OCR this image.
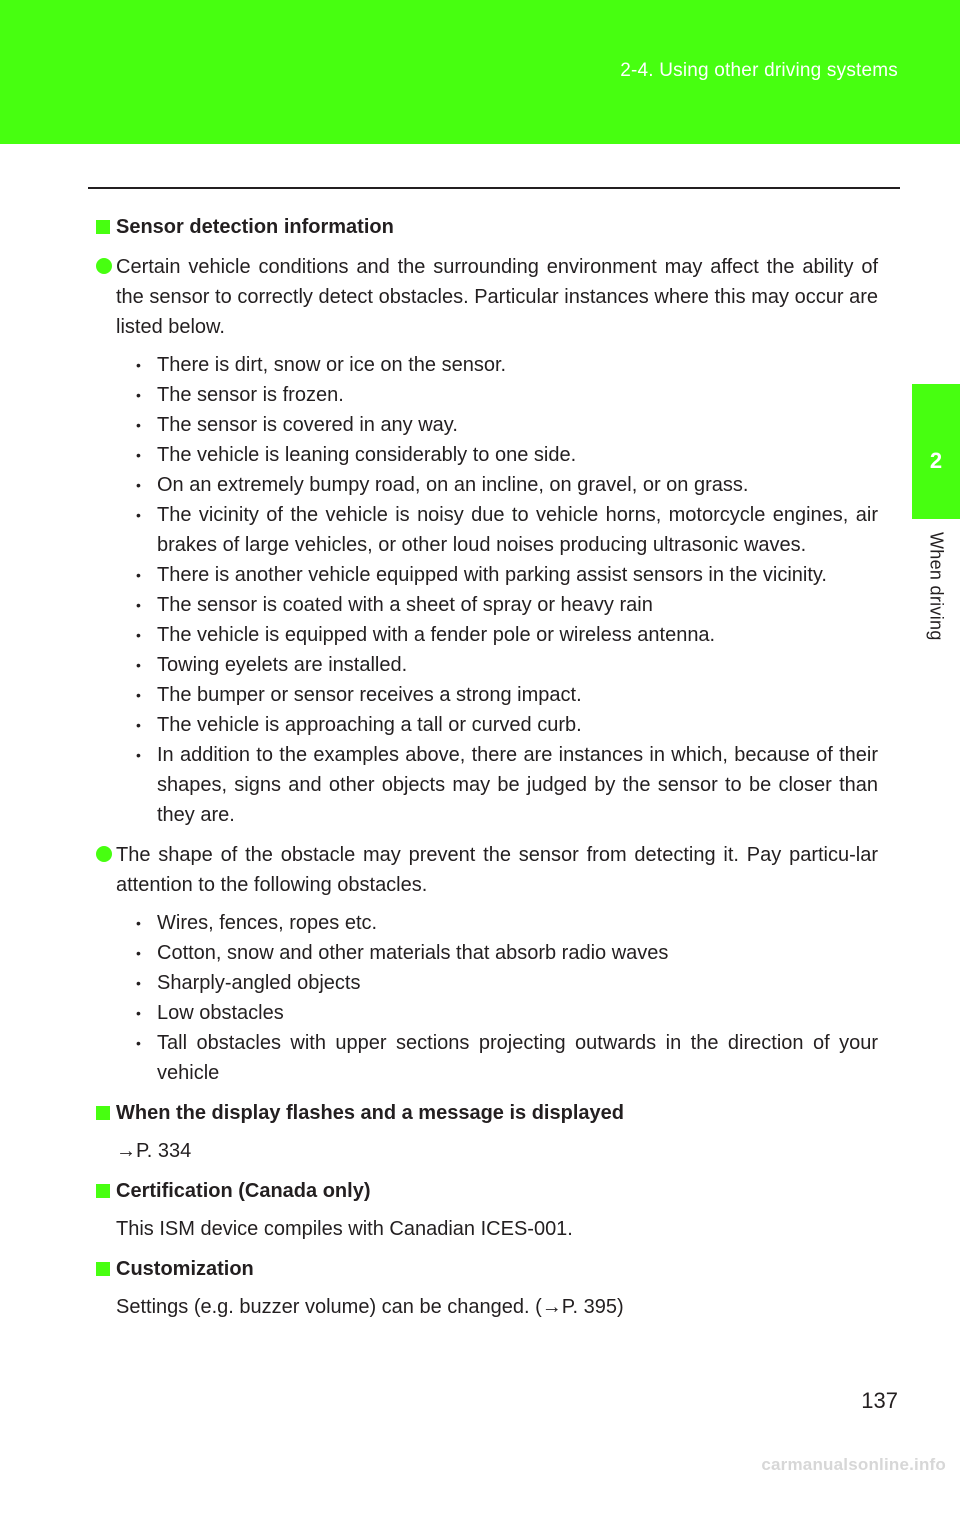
2-4. Using other driving systems
2
When driving

Sensor detection information

Certain vehicle conditions and the surrounding environment may affect the ability of the sensor to correctly detect obstacles. Particular instances where this may occur are listed below.

• There is dirt, snow or ice on the sensor.
• The sensor is frozen.
• The sensor is covered in any way.
• The vehicle is leaning considerably to one side.
• On an extremely bumpy road, on an incline, on gravel, or on grass.
• The vicinity of the vehicle is noisy due to vehicle horns, motorcycle engines, air brakes of large vehicles, or other loud noises producing ultrasonic waves.
• There is another vehicle equipped with parking assist sensors in the vicinity.
• The sensor is coated with a sheet of spray or heavy rain
• The vehicle is equipped with a fender pole or wireless antenna.
• Towing eyelets are installed.
• The bumper or sensor receives a strong impact.
• The vehicle is approaching a tall or curved curb.
• In addition to the examples above, there are instances in which, because of their shapes, signs and other objects may be judged by the sensor to be closer than they are.

The shape of the obstacle may prevent the sensor from detecting it. Pay particu-lar attention to the following obstacles.

• Wires, fences, ropes etc.
• Cotton, snow and other materials that absorb radio waves
• Sharply-angled objects
• Low obstacles
• Tall obstacles with upper sections projecting outwards in the direction of your vehicle

When the display flashes and a message is displayed

→P. 334

Certification (Canada only)

This ISM device compiles with Canadian ICES-001.

Customization

Settings (e.g. buzzer volume) can be changed. (→P. 395)

137
carmanualsonline.info
